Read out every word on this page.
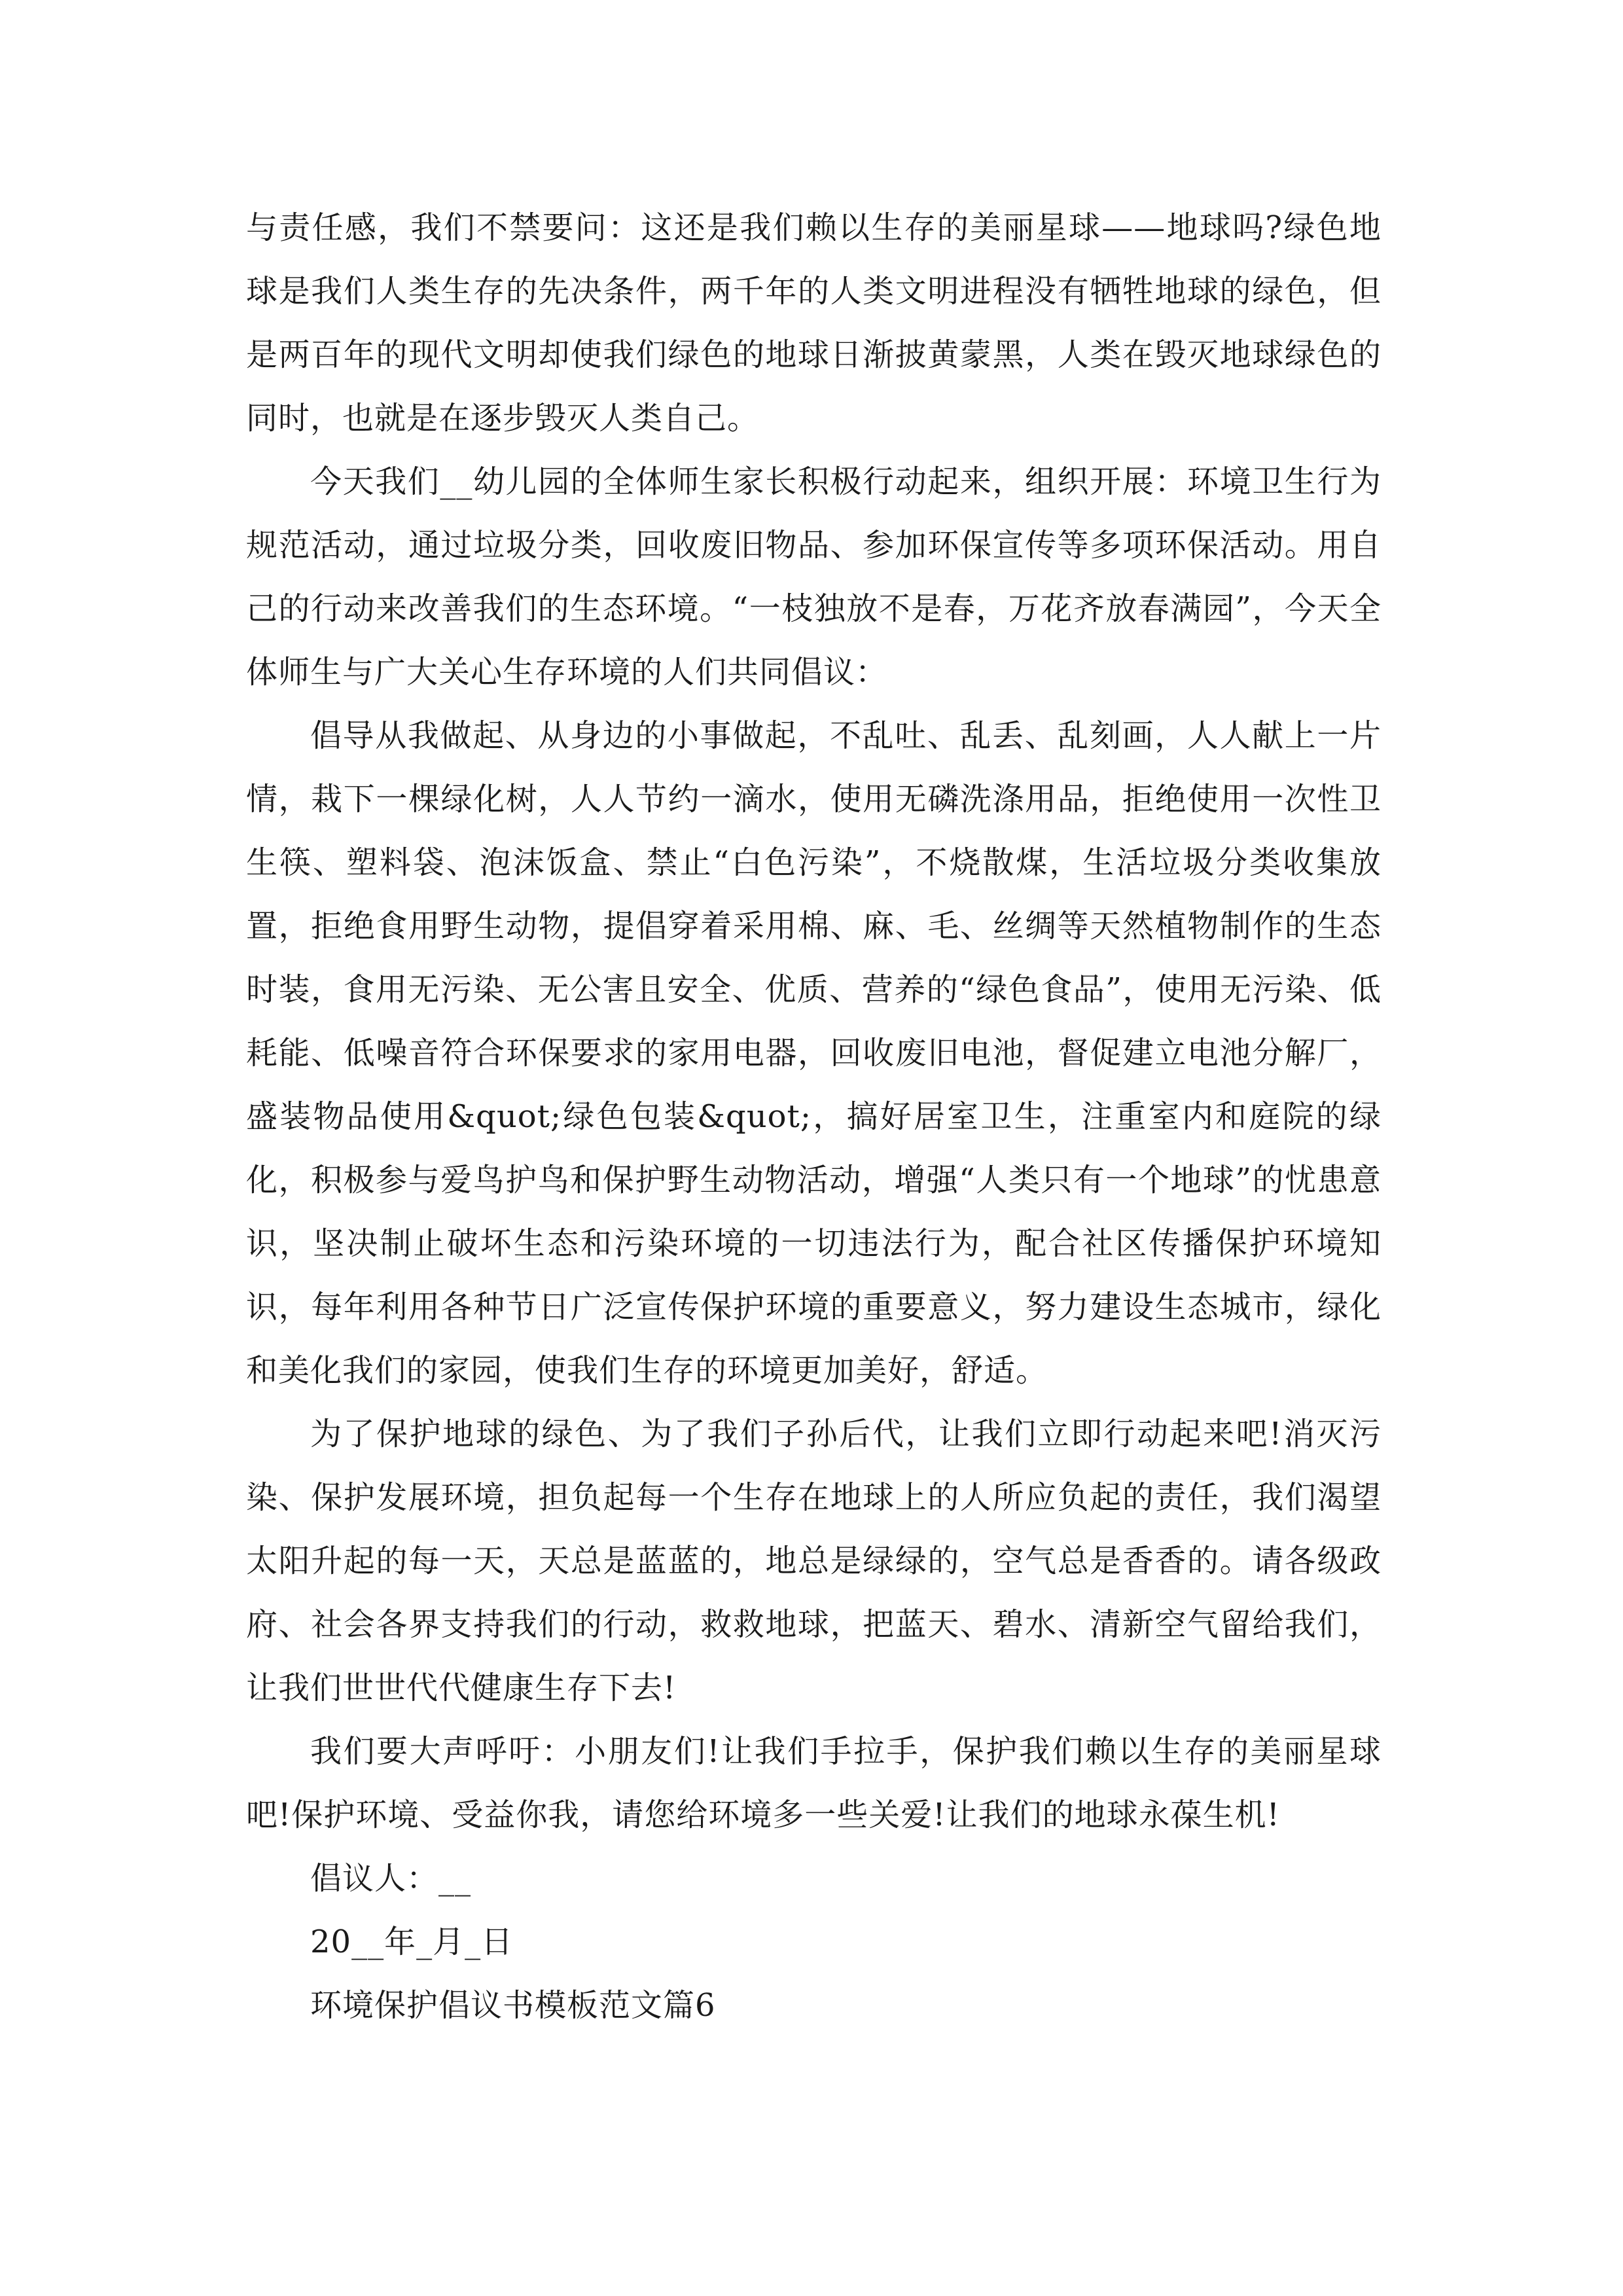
与责任感，我们不禁要问：这还是我们赖以生存的美丽星球——地球吗?绿色地球是我们人类生存的先决条件，两千年的人类文明进程没有牺牲地球的绿色，但是两百年的现代文明却使我们绿色的地球日渐披黄蒙黑，人类在毁灭地球绿色的同时，也就是在逐步毁灭人类自己。

今天我们__幼儿园的全体师生家长积极行动起来，组织开展：环境卫生行为规范活动，通过垃圾分类，回收废旧物品、参加环保宣传等多项环保活动。用自己的行动来改善我们的生态环境。“一枝独放不是春，万花齐放春满园”，今天全体师生与广大关心生存环境的人们共同倡议：

倡导从我做起、从身边的小事做起，不乱吐、乱丢、乱刻画，人人献上一片情，栽下一棵绿化树，人人节约一滴水，使用无磷洗涤用品，拒绝使用一次性卫生筷、塑料袋、泡沫饭盒、禁止“白色污染”，不烧散煤，生活垃圾分类收集放置，拒绝食用野生动物，提倡穿着采用棉、麻、毛、丝绸等天然植物制作的生态时装，食用无污染、无公害且安全、优质、营养的“绿色食品”，使用无污染、低耗能、低噪音符合环保要求的家用电器，回收废旧电池，督促建立电池分解厂，盛装物品使用&quot;绿色包装&quot;，搞好居室卫生，注重室内和庭院的绿化，积极参与爱鸟护鸟和保护野生动物活动，增强“人类只有一个地球”的忧患意识，坚决制止破坏生态和污染环境的一切违法行为，配合社区传播保护环境知识，每年利用各种节日广泛宣传保护环境的重要意义，努力建设生态城市，绿化和美化我们的家园，使我们生存的环境更加美好，舒适。

为了保护地球的绿色、为了我们子孙后代，让我们立即行动起来吧!消灭污染、保护发展环境，担负起每一个生存在地球上的人所应负起的责任，我们渴望太阳升起的每一天，天总是蓝蓝的，地总是绿绿的，空气总是香香的。请各级政府、社会各界支持我们的行动，救救地球，把蓝天、碧水、清新空气留给我们，让我们世世代代健康生存下去!

我们要大声呼吁：小朋友们!让我们手拉手，保护我们赖以生存的美丽星球吧!保护环境、受益你我，请您给环境多一些关爱!让我们的地球永葆生机!

倡议人：__

20__年_月_日

环境保护倡议书模板范文篇6
